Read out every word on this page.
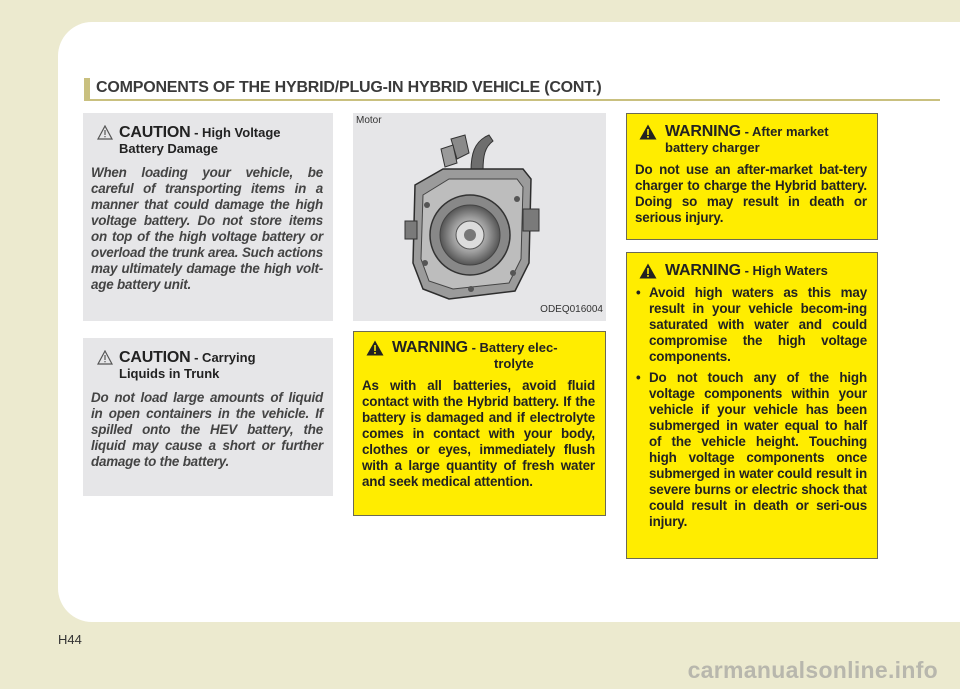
COMPONENTS OF THE HYBRID/PLUG-IN HYBRID VEHICLE (CONT.)
CAUTION - High Voltage
Battery Damage
When loading your vehicle, be careful of transporting items in a manner that could damage the high voltage battery. Do not store items on top of the high voltage battery or overload the trunk area. Such actions may ultimately damage the high volt-age battery unit.
CAUTION - Carrying
Liquids in Trunk
Do not load large amounts of liquid in open containers in the vehicle. If spilled onto the HEV battery, the liquid may cause a short or further damage to the battery.
Motor
ODEQ016004
WARNING - Battery elec-
trolyte
As with all batteries, avoid fluid contact with the Hybrid battery. If the battery is damaged and if electrolyte comes in contact with your body, clothes or eyes, immediately flush with a large quantity of fresh water and seek medical attention.
WARNING - After market
battery charger
Do not use an after-market bat-tery charger to charge the Hybrid battery. Doing so may result in death or serious injury.
WARNING - High Waters
• Avoid high waters as this may result in your vehicle becom-ing saturated with water and could compromise the high voltage components.
• Do not touch any of the high voltage components within your vehicle if your vehicle has been submerged in water equal to half of the vehicle height. Touching high voltage components once submerged in water could result in severe burns or electric shock that could result in death or seri-ous injury.
H44
carmanualsonline.info
